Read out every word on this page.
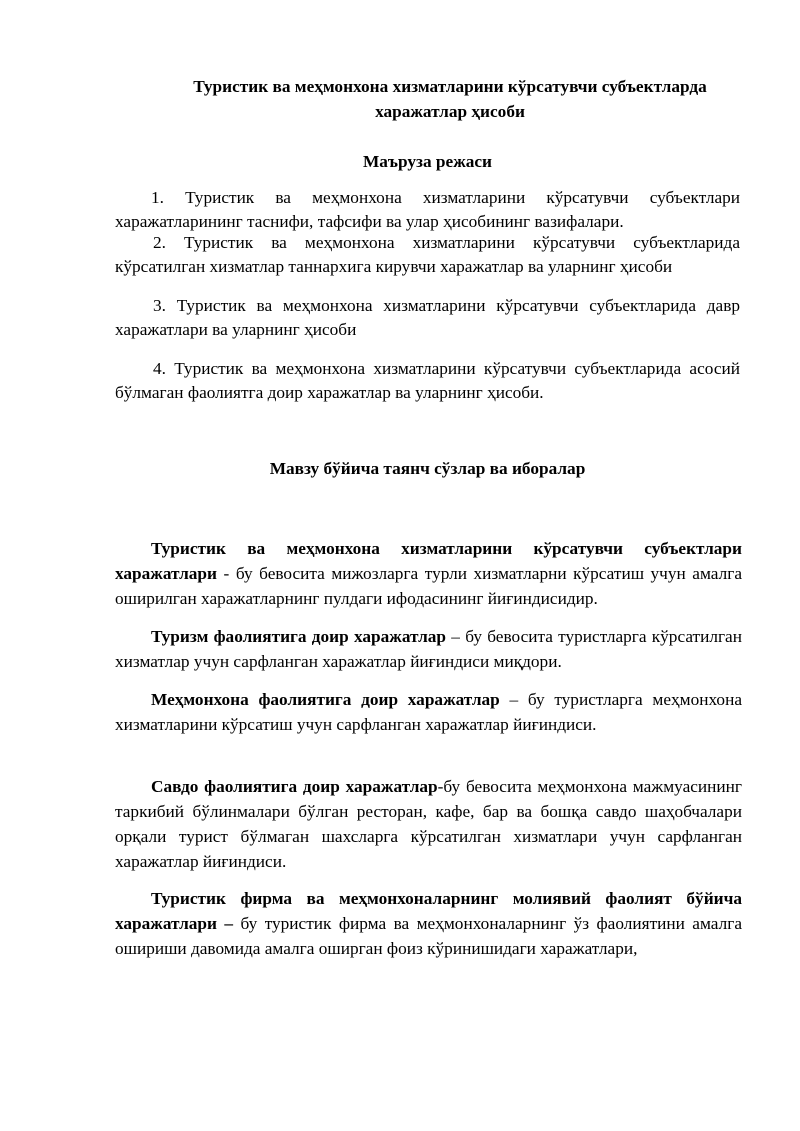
Туристик ва меҳмонхона хизматларини кўрсатувчи субъектларда харажатлар ҳисоби
Маъруза режаси

1. Туристик ва меҳмонхона хизматларини кўрсатувчи субъектлари харажатларининг таснифи, тафсифи ва улар ҳисобининг вазифалари.

2. Туристик ва меҳмонхона хизматларини кўрсатувчи субъектларида кўрсатилган хизматлар таннархига кирувчи харажатлар ва уларнинг ҳисоби

3. Туристик ва меҳмонхона хизматларини кўрсатувчи субъектларида давр харажатлари ва уларнинг ҳисоби

4. Туристик ва меҳмонхона хизматларини кўрсатувчи субъектларида асосий бўлмаган фаолиятга доир харажатлар ва уларнинг ҳисоби.

Мавзу бўйича таянч сўзлар ва иборалар

Туристик ва меҳмонхона хизматларини кўрсатувчи субъектлари харажатлари - бу бевосита мижозларга турли хизматларни кўрсатиш учун амалга оширилган харажатларнинг пулдаги ифодасининг йиғиндисидир.

Туризм фаолиятига доир харажатлар – бу бевосита туристларга кўрсатилган хизматлар учун сарфланган харажатлар йиғиндиси миқдори.

Меҳмонхона фаолиятига доир харажатлар – бу туристларга меҳмонхона хизматларини кўрсатиш учун сарфланган харажатлар йиғиндиси.

Савдо фаолиятига доир харажатлар-бу бевосита меҳмонхона мажмуасининг таркибий бўлинмалари бўлган ресторан, кафе, бар ва бошқа савдо шаҳобчалари орқали турист бўлмаган шахсларга кўрсатилган хизматлари учун сарфланган харажатлар йиғиндиси.

Туристик фирма ва меҳмонхоналарнинг молиявий фаолият бўйича харажатлари – бу туристик фирма ва меҳмонхоналарнинг ўз фаолиятини амалга ошириши давомида амалга оширган фоиз кўринишидаги харажатлари,
